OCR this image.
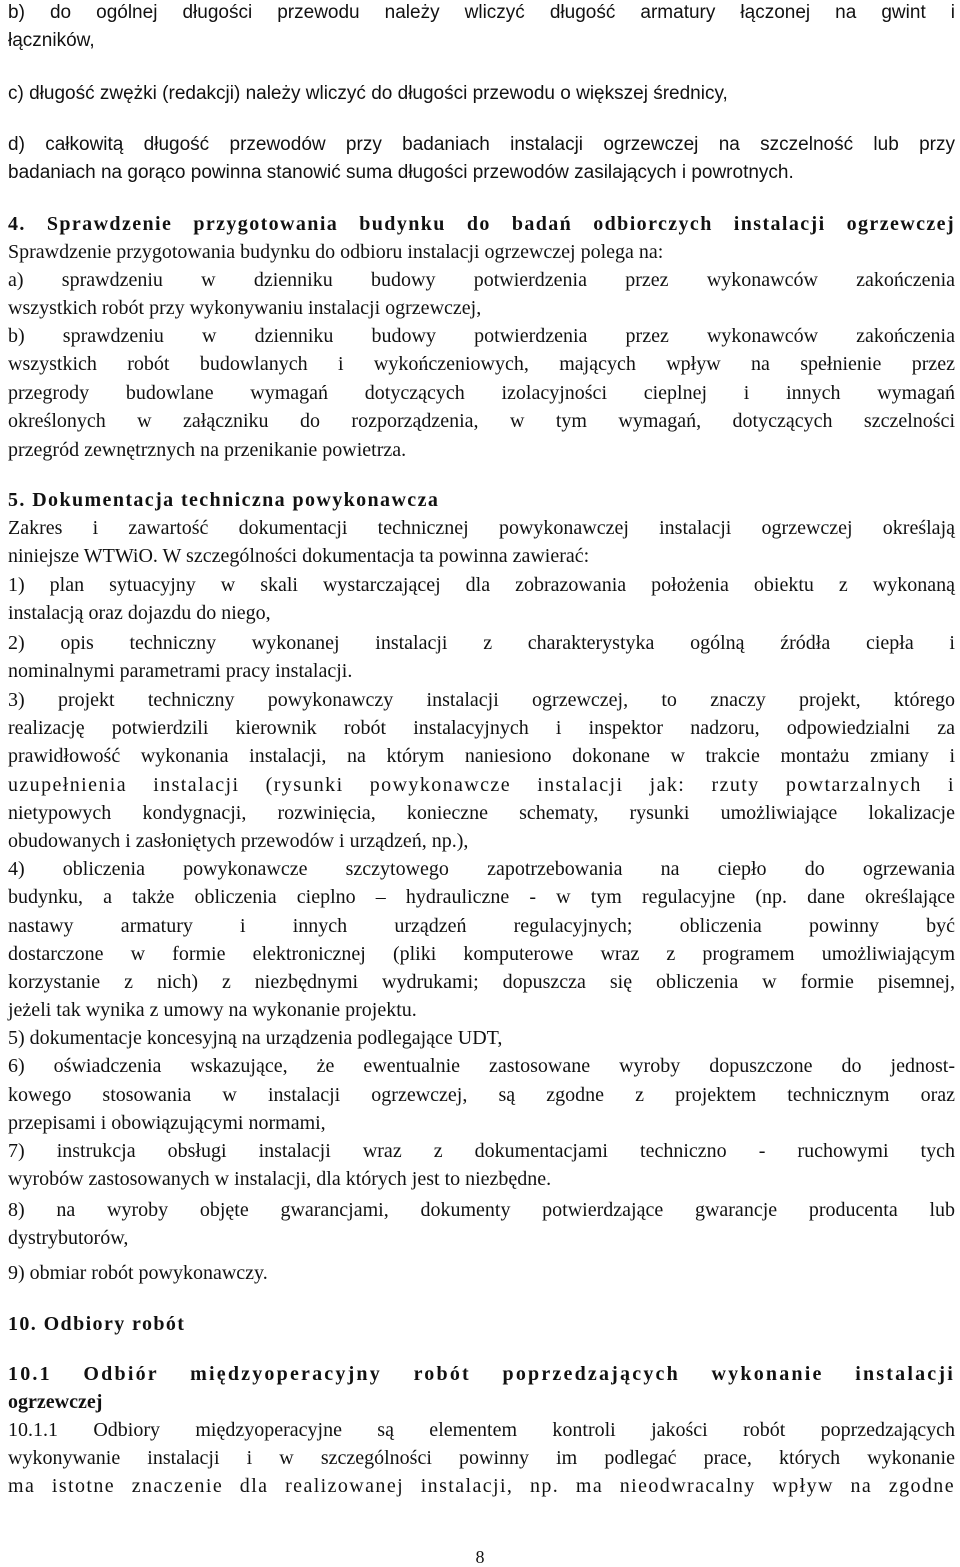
b) do ogólnej długości przewodu należy wliczyć długość armatury łączonej na gwint i
łączników,
c) długość zwężki (redakcji) należy wliczyć do długości przewodu o większej średnicy,
d) całkowitą długość przewodów przy badaniach instalacji ogrzewczej na szczelność lub przy
badaniach na gorąco powinna stanowić suma długości przewodów zasilających i powrotnych.
4. Sprawdzenie przygotowania budynku do badań odbiorczych instalacji ogrzewczej
Sprawdzenie przygotowania budynku do odbioru instalacji ogrzewczej polega na:
a) sprawdzeniu w dzienniku budowy potwierdzenia przez wykonawców zakończenia
wszystkich robót przy wykonywaniu instalacji ogrzewczej,
b) sprawdzeniu w dzienniku budowy potwierdzenia przez wykonawców zakończenia
wszystkich robót budowlanych i wykończeniowych, mających wpływ na spełnienie przez
przegrody budowlane wymagań dotyczących izolacyjności cieplnej i innych wymagań
określonych w załączniku do rozporządzenia, w tym wymagań, dotyczących szczelności
przegród zewnętrznych na przenikanie powietrza.
5. Dokumentacja techniczna powykonawcza
Zakres i zawartość dokumentacji technicznej powykonawczej instalacji ogrzewczej określają
niniejsze WTWiO. W szczególności dokumentacja ta powinna zawierać:
1) plan sytuacyjny w skali wystarczającej dla zobrazowania położenia obiektu z wykonaną
instalacją oraz dojazdu do niego,
2) opis techniczny wykonanej instalacji z charakterystyka ogólną źródła ciepła i
nominalnymi parametrami pracy instalacji.
3) projekt techniczny powykonawczy instalacji ogrzewczej, to znaczy projekt, którego
realizację potwierdzili kierownik robót instalacyjnych i inspektor nadzoru, odpowiedzialni za
prawidłowość wykonania instalacji, na którym naniesiono dokonane w trakcie montażu zmiany i
uzupełnienia instalacji (rysunki powykonawcze instalacji jak: rzuty powtarzalnych i
nietypowych kondygnacji, rozwinięcia, konieczne schematy, rysunki umożliwiające lokalizacje
obudowanych i zasłoniętych przewodów i urządzeń, np.),
4) obliczenia powykonawcze szczytowego zapotrzebowania na ciepło do ogrzewania
budynku, a także obliczenia cieplno – hydrauliczne - w tym regulacyjne (np. dane określające
nastawy armatury i innych urządzeń regulacyjnych; obliczenia powinny być
dostarczone w formie elektronicznej (pliki komputerowe wraz z programem umożliwiającym
korzystanie z nich) z niezbędnymi wydrukami; dopuszcza się obliczenia w formie pisemnej,
jeżeli tak wynika z umowy na wykonanie projektu.
5) dokumentacje koncesyjną na urządzenia podlegające UDT,
6) oświadczenia wskazujące, że ewentualnie zastosowane wyroby dopuszczone do jednost-
kowego stosowania w instalacji ogrzewczej, są zgodne z projektem technicznym oraz
przepisami i obowiązującymi normami,
7) instrukcja obsługi instalacji wraz z dokumentacjami techniczno - ruchowymi tych
wyrobów zastosowanych w instalacji, dla których jest to niezbędne.
8) na wyroby objęte gwarancjami, dokumenty potwierdzające gwarancje producenta lub
dystrybutorów,
9) obmiar robót powykonawczy.
10. Odbiory robót
10.1 Odbiór międzyoperacyjny robót poprzedzających wykonanie instalacji
ogrzewczej
10.1.1 Odbiory międzyoperacyjne są elementem kontroli jakości robót poprzedzających
wykonywanie instalacji i w szczególności powinny im podlegać prace, których wykonanie
ma istotne znaczenie dla realizowanej instalacji, np. ma nieodwracalny wpływ na zgodne
8
